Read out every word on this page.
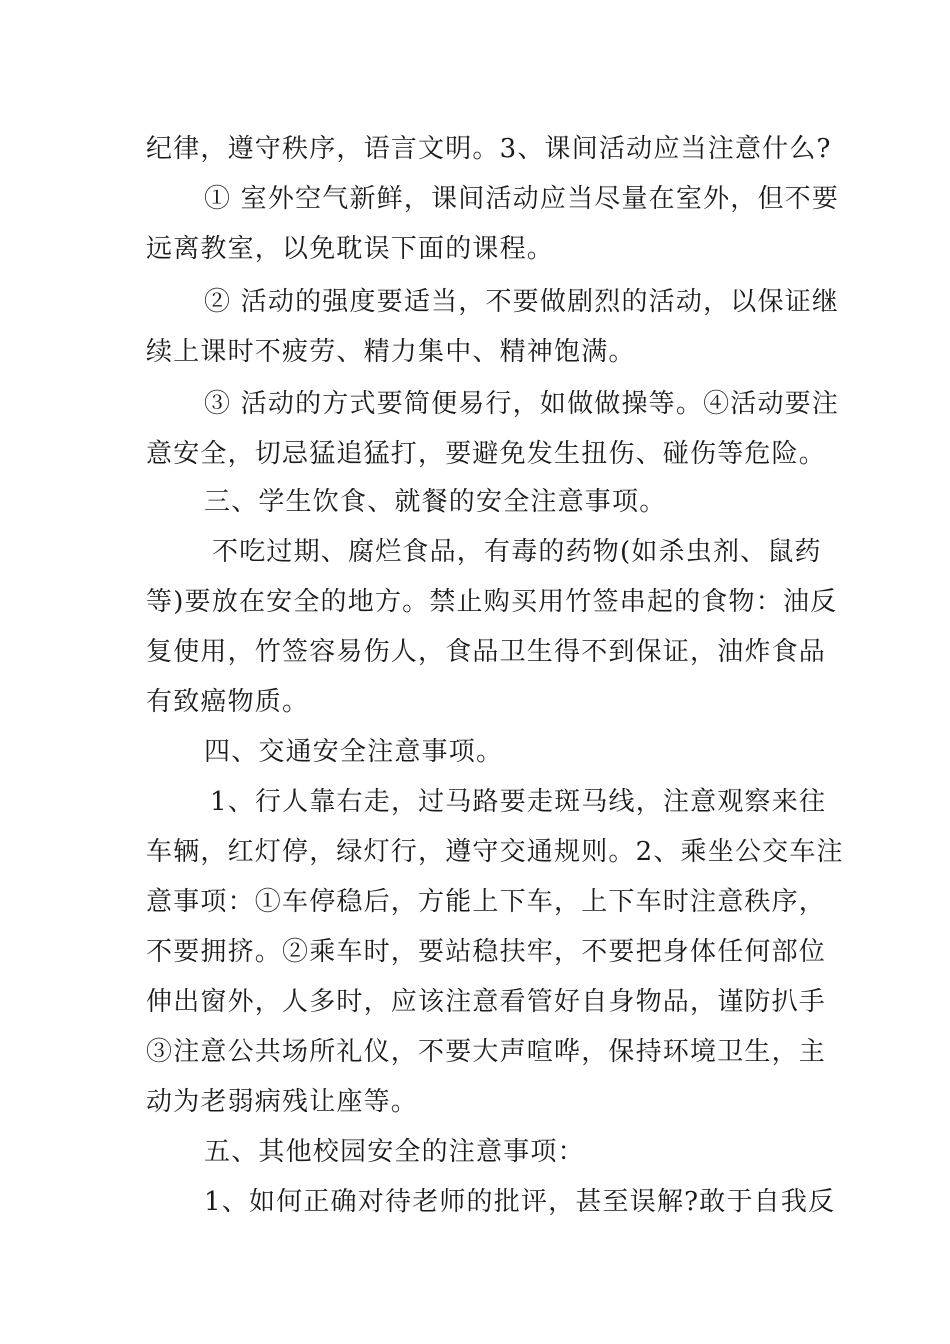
纪律，遵守秩序，语言文明。3、课间活动应当注意什么?
① 室外空气新鲜，课间活动应当尽量在室外，但不要
远离教室，以免耽误下面的课程。
② 活动的强度要适当，不要做剧烈的活动，以保证继
续上课时不疲劳、精力集中、精神饱满。
③ 活动的方式要简便易行，如做做操等。④活动要注
意安全，切忌猛追猛打，要避免发生扭伤、碰伤等危险。
三、学生饮食、就餐的安全注意事项。
不吃过期、腐烂食品，有毒的药物(如杀虫剂、鼠药
等)要放在安全的地方。禁止购买用竹签串起的食物：油反
复使用，竹签容易伤人，食品卫生得不到保证，油炸食品
有致癌物质。
四、交通安全注意事项。
1、行人靠右走，过马路要走斑马线，注意观察来往
车辆，红灯停，绿灯行，遵守交通规则。2、乘坐公交车注
意事项：①车停稳后，方能上下车，上下车时注意秩序，
不要拥挤。②乘车时，要站稳扶牢，不要把身体任何部位
伸出窗外，人多时，应该注意看管好自身物品，谨防扒手
③注意公共场所礼仪，不要大声喧哗，保持环境卫生，主
动为老弱病残让座等。
五、其他校园安全的注意事项：
1、如何正确对待老师的批评，甚至误解?敢于自我反
